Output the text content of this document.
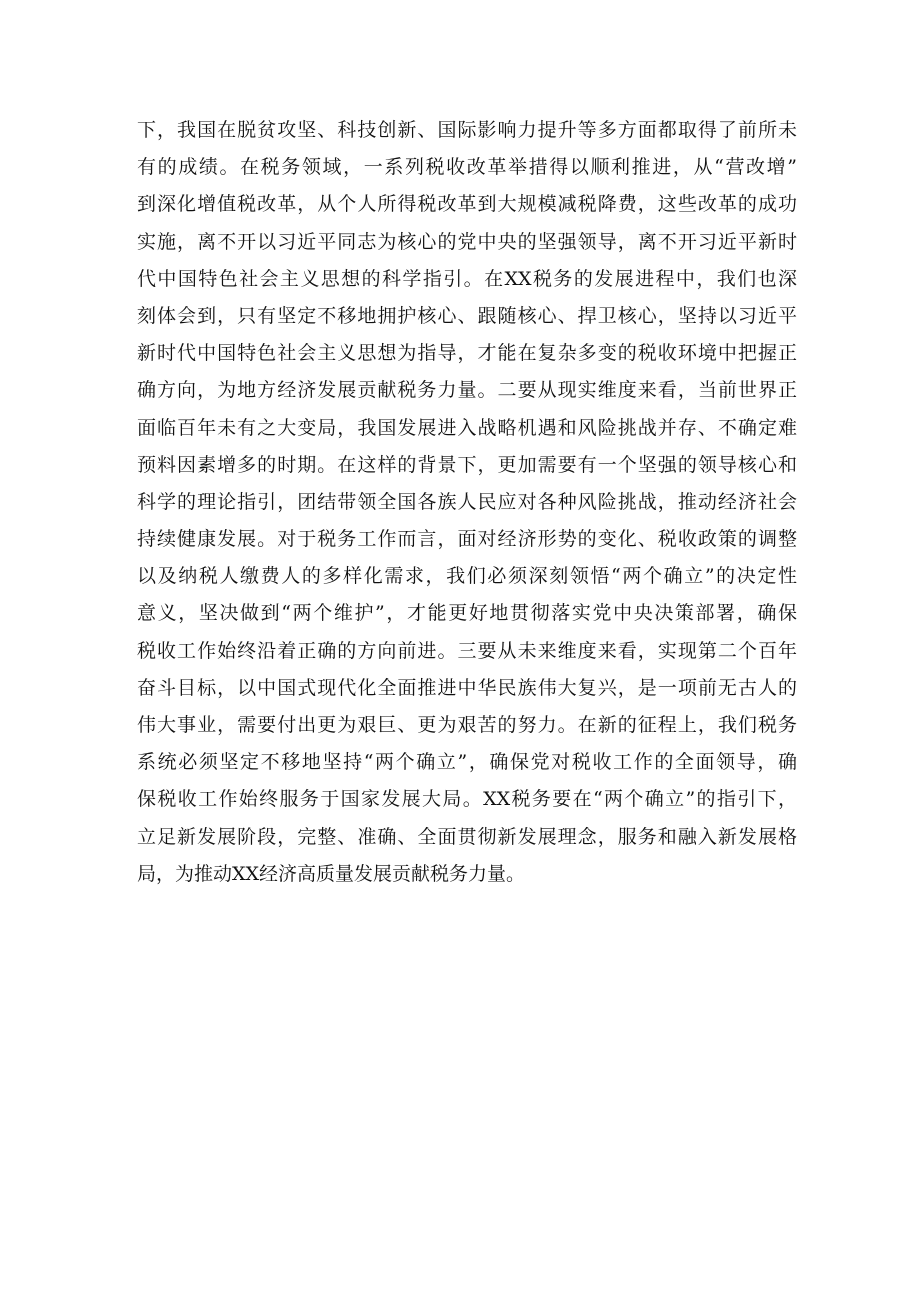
下，我国在脱贫攻坚、科技创新、国际影响力提升等多方面都取得了前所未
有的成绩。在税务领域，一系列税收改革举措得以顺利推进，从“营改增”
到深化增值税改革，从个人所得税改革到大规模减税降费，这些改革的成功
实施，离不开以习近平同志为核心的党中央的坚强领导，离不开习近平新时
代中国特色社会主义思想的科学指引。在XX税务的发展进程中，我们也深
刻体会到，只有坚定不移地拥护核心、跟随核心、捍卫核心，坚持以习近平
新时代中国特色社会主义思想为指导，才能在复杂多变的税收环境中把握正
确方向，为地方经济发展贡献税务力量。二要从现实维度来看，当前世界正
面临百年未有之大变局，我国发展进入战略机遇和风险挑战并存、不确定难
预料因素增多的时期。在这样的背景下，更加需要有一个坚强的领导核心和
科学的理论指引，团结带领全国各族人民应对各种风险挑战，推动经济社会
持续健康发展。对于税务工作而言，面对经济形势的变化、税收政策的调整
以及纳税人缴费人的多样化需求，我们必须深刻领悟“两个确立”的决定性
意义，坚决做到“两个维护”，才能更好地贯彻落实党中央决策部署，确保
税收工作始终沿着正确的方向前进。三要从未来维度来看，实现第二个百年
奋斗目标，以中国式现代化全面推进中华民族伟大复兴，是一项前无古人的
伟大事业，需要付出更为艰巨、更为艰苦的努力。在新的征程上，我们税务
系统必须坚定不移地坚持“两个确立”，确保党对税收工作的全面领导，确
保税收工作始终服务于国家发展大局。XX税务要在“两个确立”的指引下，
立足新发展阶段，完整、准确、全面贯彻新发展理念，服务和融入新发展格
局，为推动XX经济高质量发展贡献税务力量。
